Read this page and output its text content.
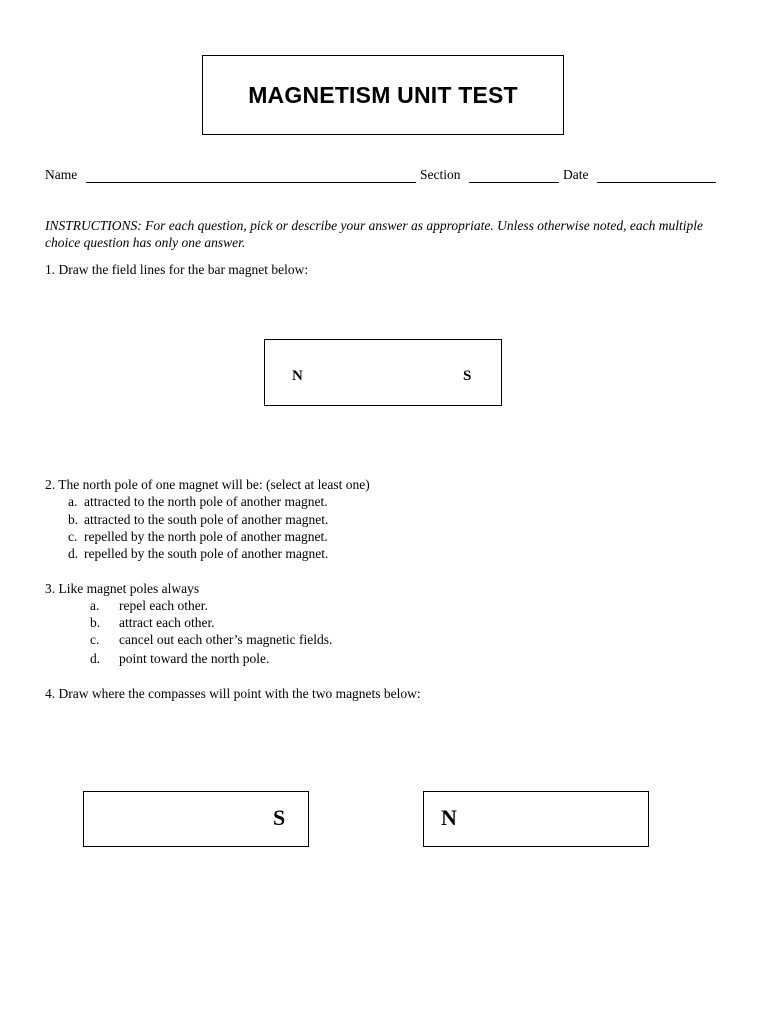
MAGNETISM UNIT TEST
Name	Section	Date
INSTRUCTIONS: For each question, pick or describe your answer as appropriate. Unless otherwise noted, each multiple choice question has only one answer.
1. Draw the field lines for the bar magnet below:
N	S
2. The north pole of one magnet will be: (select at least one)
a. attracted to the north pole of another magnet.
b. attracted to the south pole of another magnet.
c. repelled by the north pole of another magnet.
d. repelled by the south pole of another magnet.
3. Like magnet poles always
a. repel each other.
b. attract each other.
c. cancel out each other’s magnetic fields.
d. point toward the north pole.
4. Draw where the compasses will point with the two magnets below:
S	N
